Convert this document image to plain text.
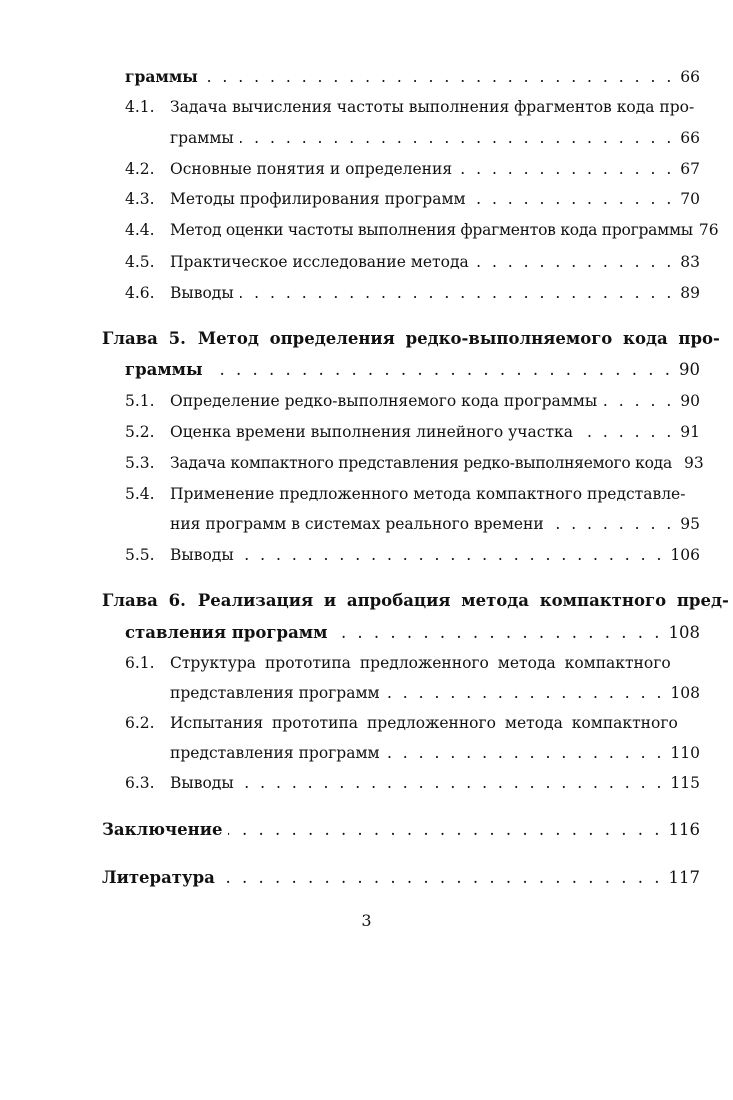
граммы . . .	66
4.1. Задача вычисления частоты выполнения фрагментов кода про-
граммы . . .	66
4.2. Основные понятия и определения . . .	67
4.3. Методы профилирования программ . . .	70
4.4. Метод оценки частоты выполнения фрагментов кода программы 76
4.5. Практическое исследование метода . . .	83
4.6. Выводы . . .	89
Глава 5. Метод определения редко-выполняемого кода про-
граммы . . .	90
5.1. Определение редко-выполняемого кода программы . . .	90
5.2. Оценка времени выполнения линейного участка . . .	91
5.3. Задача компактного представления редко-выполняемого кода 93
5.4. Применение предложенного метода компактного представле-
ния программ в системах реального времени . . .	95
5.5. Выводы . . .	106
Глава 6. Реализация и апробация метода компактного пред-
ставления программ . . .	108
6.1. Структура прототипа предложенного метода компактного
представления программ . . .	108
6.2. Испытания прототипа предложенного метода компактного
представления программ . . .	110
6.3. Выводы . . .	115
Заключение . . .	116
Литература . . .	117
3
